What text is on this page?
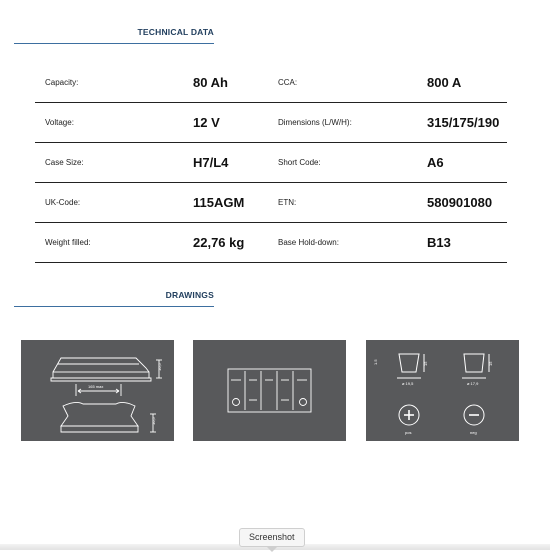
TECHNICAL DATA
Capacity:	80 Ah	CCA:	800 A
Voltage:	12 V	Dimensions (L/W/H):	315/175/190
Case Size:	H7/L4	Short Code:	A6
UK-Code:	115AGM	ETN:	580901080
Weight filled:	22,76 kg	Base Hold-down:	B13
DRAWINGS
10,5
165 max
10,5
1.5	15	15
ø 19,5	ø 17,9
pos	neg
Screenshot
